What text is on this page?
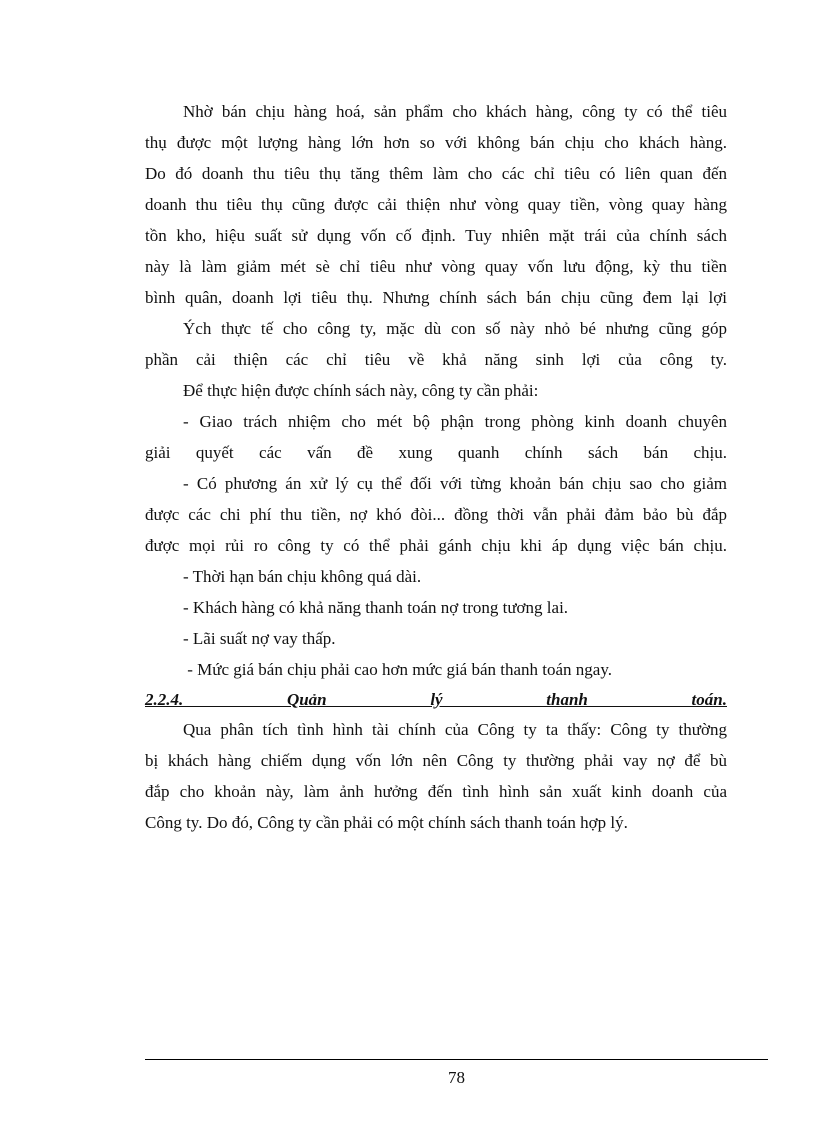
Nhờ bán chịu hàng hoá, sản phẩm cho khách hàng, công ty có thể tiêu
thụ được một lượng hàng lớn hơn so với không bán chịu cho khách hàng.
Do đó doanh thu tiêu thụ tăng thêm làm cho các chỉ tiêu có liên quan đến
doanh thu tiêu thụ cũng được cải thiện như vòng quay tiền, vòng quay hàng
tồn kho, hiệu suất sử dụng vốn cố định. Tuy nhiên mặt trái của chính sách
này là làm giảm mét sè chỉ tiêu như vòng quay vốn lưu động, kỳ thu tiền
bình quân, doanh lợi tiêu thụ. Nhưng chính sách bán chịu cũng đem lại lợi
Ých thực tế cho công ty, mặc dù con số này nhỏ bé nhưng cũng góp
phần cải thiện các chỉ tiêu về khả năng sinh lợi của công ty.
Để thực hiện được chính sách này, công ty cần phải:
- Giao trách nhiệm cho mét bộ phận trong phòng kinh doanh chuyên
giải quyết các vấn đề xung quanh chính sách bán chịu.
- Có phương án xử lý cụ thể đối với từng khoản bán chịu sao cho giảm
được các chi phí thu tiền, nợ khó đòi... đồng thời vẫn phải đảm bảo bù đắp
được mọi rủi ro công ty có thể phải gánh chịu khi áp dụng việc bán chịu.
- Thời hạn bán chịu không quá dài.
- Khách hàng có khả năng thanh toán nợ trong tương lai.
- Lãi suất nợ vay thấp.
- Mức giá bán chịu phải cao hơn mức giá bán thanh toán ngay.
2.2.4. Quản lý thanh toán.
Qua phân tích tình hình tài chính của Công ty ta thấy: Công ty thường
bị khách hàng chiếm dụng vốn lớn nên Công ty thường phải vay nợ để bù
đắp cho khoản này, làm ảnh hưởng đến tình hình sản xuất kinh doanh của
Công ty. Do đó, Công ty cần phải có một chính sách thanh toán hợp lý.
78
